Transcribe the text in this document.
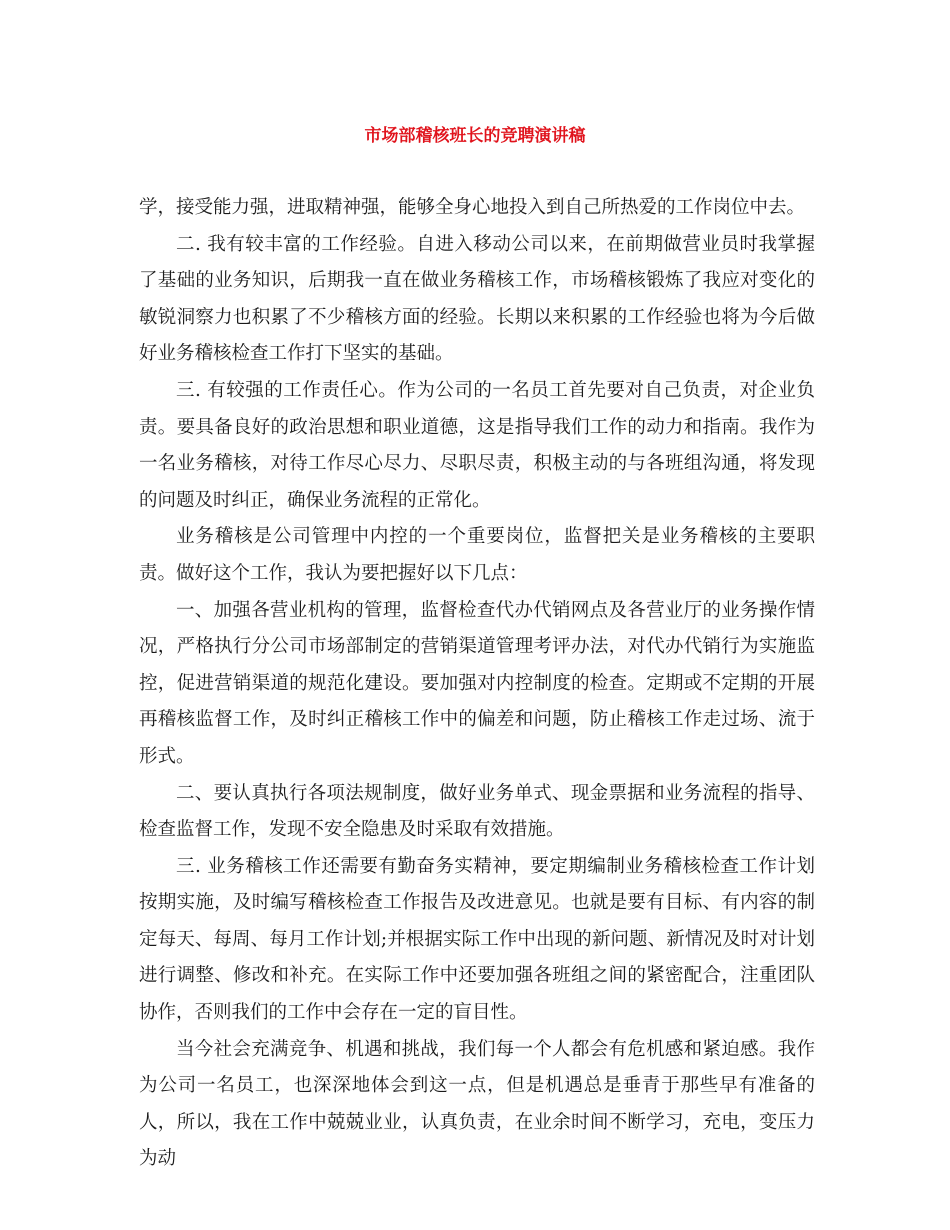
市场部稽核班长的竞聘演讲稿

学，接受能力强，进取精神强，能够全身心地投入到自己所热爱的工作岗位中去。

二. 我有较丰富的工作经验。自进入移动公司以来，在前期做营业员时我掌握了基础的业务知识，后期我一直在做业务稽核工作，市场稽核锻炼了我应对变化的敏锐洞察力也积累了不少稽核方面的经验。长期以来积累的工作经验也将为今后做好业务稽核检查工作打下坚实的基础。

三. 有较强的工作责任心。作为公司的一名员工首先要对自己负责，对企业负责。要具备良好的政治思想和职业道德，这是指导我们工作的动力和指南。我作为一名业务稽核，对待工作尽心尽力、尽职尽责，积极主动的与各班组沟通，将发现的问题及时纠正，确保业务流程的正常化。

业务稽核是公司管理中内控的一个重要岗位，监督把关是业务稽核的主要职责。做好这个工作，我认为要把握好以下几点：

一、加强各营业机构的管理，监督检查代办代销网点及各营业厅的业务操作情况，严格执行分公司市场部制定的营销渠道管理考评办法，对代办代销行为实施监控，促进营销渠道的规范化建设。要加强对内控制度的检查。定期或不定期的开展再稽核监督工作，及时纠正稽核工作中的偏差和问题，防止稽核工作走过场、流于形式。

二、要认真执行各项法规制度，做好业务单式、现金票据和业务流程的指导、检查监督工作，发现不安全隐患及时采取有效措施。

三. 业务稽核工作还需要有勤奋务实精神，要定期编制业务稽核检查工作计划按期实施，及时编写稽核检查工作报告及改进意见。也就是要有目标、有内容的制定每天、每周、每月工作计划;并根据实际工作中出现的新问题、新情况及时对计划进行调整、修改和补充。在实际工作中还要加强各班组之间的紧密配合，注重团队协作，否则我们的工作中会存在一定的盲目性。

当今社会充满竞争、机遇和挑战，我们每一个人都会有危机感和紧迫感。我作为公司一名员工，也深深地体会到这一点，但是机遇总是垂青于那些早有准备的人，所以，我在工作中兢兢业业，认真负责，在业余时间不断学习，充电，变压力为动
